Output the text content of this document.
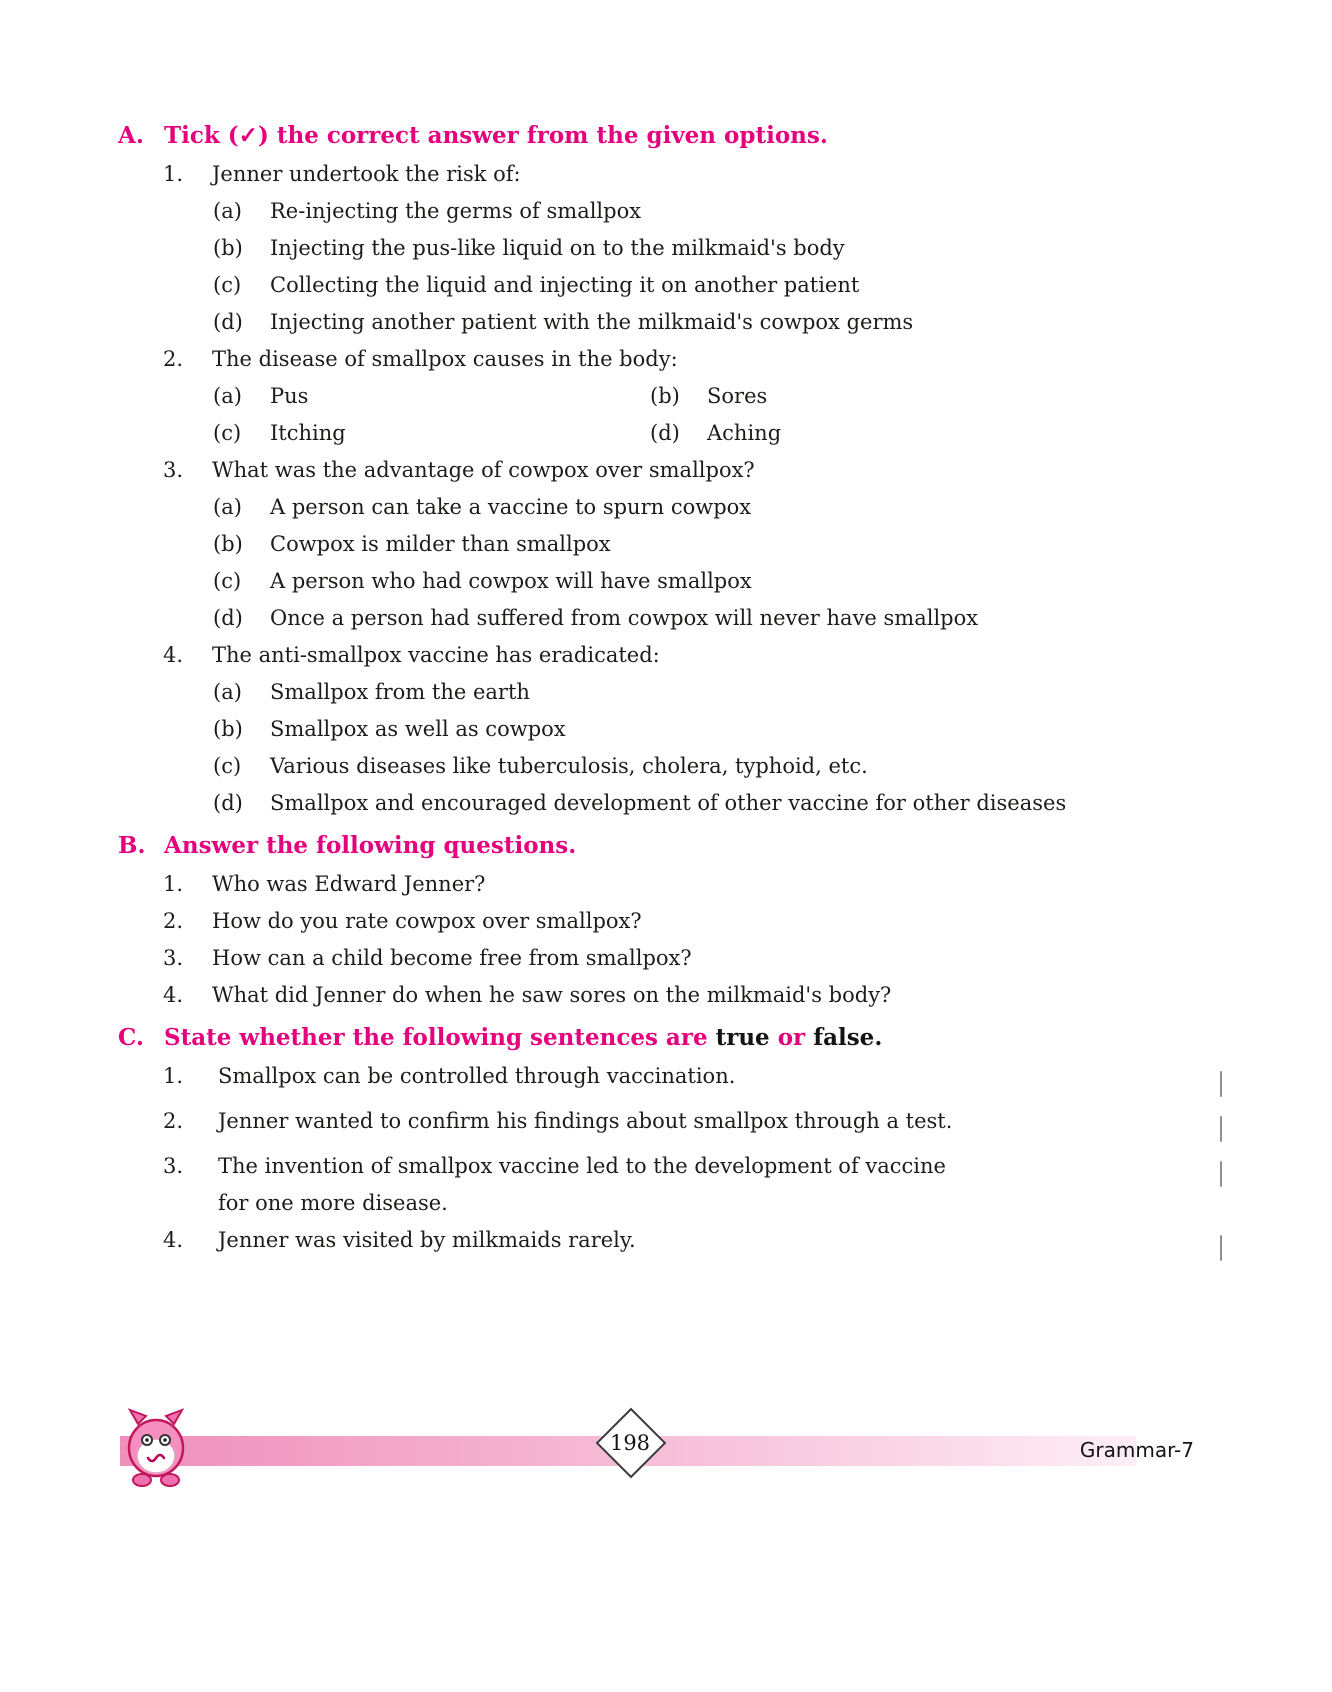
A. Tick (✓) the correct answer from the given options.
1.	Jenner undertook the risk of:
(a)	Re-injecting the germs of smallpox
(b)	Injecting the pus-like liquid on to the milkmaid's body
(c)	Collecting the liquid and injecting it on another patient
(d)	Injecting another patient with the milkmaid's cowpox germs
2.	The disease of smallpox causes in the body:
(a)	Pus	(b)	Sores
(c)	Itching	(d)	Aching
3.	What was the advantage of cowpox over smallpox?
(a)	A person can take a vaccine to spurn cowpox
(b)	Cowpox is milder than smallpox
(c)	A person who had cowpox will have smallpox
(d)	Once a person had suffered from cowpox will never have smallpox
4.	The anti-smallpox vaccine has eradicated:
(a)	Smallpox from the earth
(b)	Smallpox as well as cowpox
(c)	Various diseases like tuberculosis, cholera, typhoid, etc.
(d)	Smallpox and encouraged development of other vaccine for other diseases
B. Answer the following questions.
1.	Who was Edward Jenner?
2.	How do you rate cowpox over smallpox?
3.	How can a child become free from smallpox?
4.	What did Jenner do when he saw sores on the milkmaid's body?
C. State whether the following sentences are true or false.
1.	Smallpox can be controlled through vaccination.
2.	Jenner wanted to confirm his findings about smallpox through a test.
3.	The invention of smallpox vaccine led to the development of vaccine for one more disease.
4.	Jenner was visited by milkmaids rarely.
198	Grammar-7
